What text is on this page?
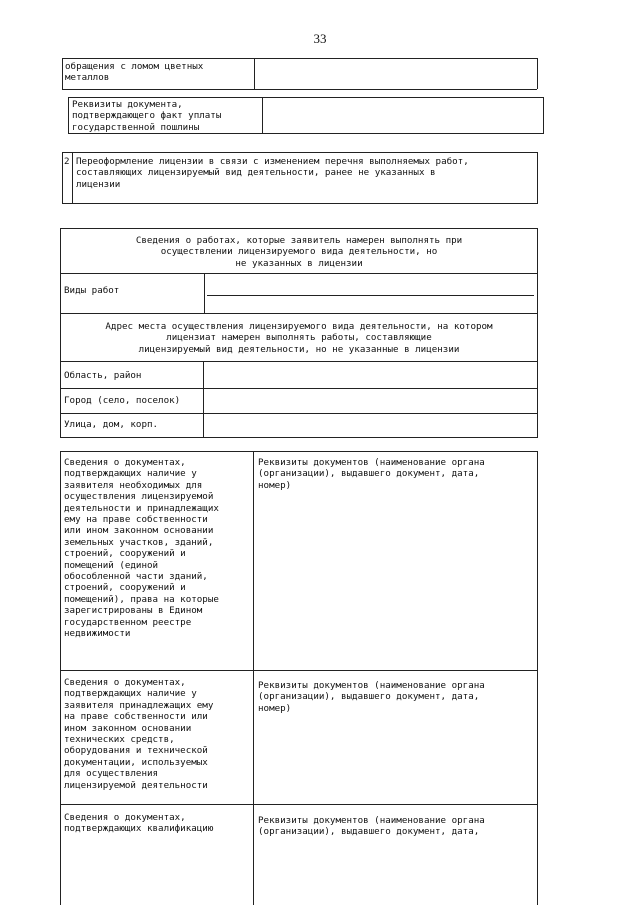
33
обращения с ломом цветных
металлов
Реквизиты документа,
подтверждающего факт уплаты
государственной пошлины
2 Переоформление лицензии в связи с изменением перечня выполняемых работ,
составляющих лицензируемый вид деятельности, ранее не указанных в
лицензии
Сведения о работах, которые заявитель намерен выполнять при
осуществлении лицензируемого вида деятельности, но
не указанных в лицензии
Виды работ
Адрес места осуществления лицензируемого вида деятельности, на котором
лицензиат намерен выполнять работы, составляющие
лицензируемый вид деятельности, но не указанные в лицензии
Область, район
Город (село, поселок)
Улица, дом, корп.
Сведения о документах,
подтверждающих наличие у
заявителя необходимых для
осуществления лицензируемой
деятельности и принадлежащих
ему на праве собственности
или ином законном основании
земельных участков, зданий,
строений, сооружений и
помещений (единой
обособленной части зданий,
строений, сооружений и
помещений), права на которые
зарегистрированы в Едином
государственном реестре
недвижимости
Реквизиты документов (наименование органа
(организации), выдавшего документ, дата,
номер)
Сведения о документах,
подтверждающих наличие у
заявителя принадлежащих ему
на праве собственности или
ином законном основании
технических средств,
оборудования и технической
документации, используемых
для осуществления
лицензируемой деятельности
Реквизиты документов (наименование органа
(организации), выдавшего документ, дата,
номер)
Сведения о документах,
подтверждающих квалификацию
Реквизиты документов (наименование органа
(организации), выдавшего документ, дата,
